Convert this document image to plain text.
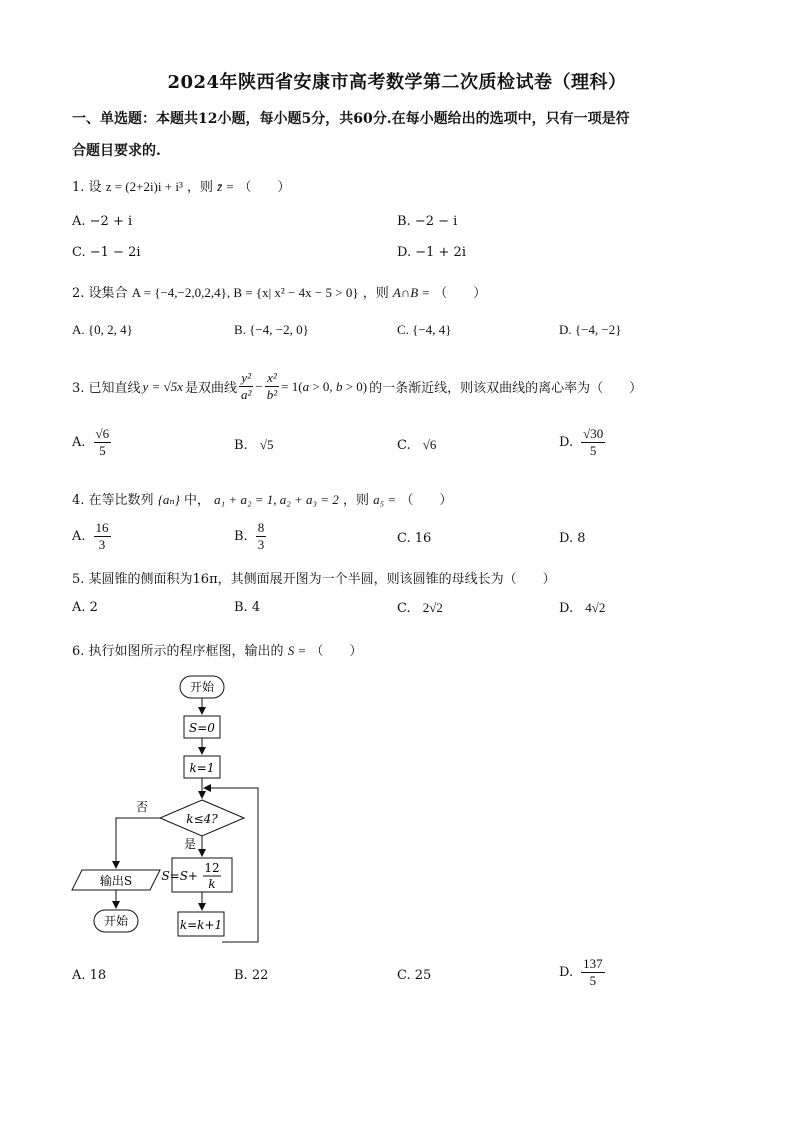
2024年陕西省安康市高考数学第二次质检试卷（理科）
一、单选题：本题共12小题，每小题5分，共60分.在每小题给出的选项中，只有一项是符
合题目要求的.
1. 设 z = (2+2i)i + i³ ，则 z̄ = （　　）
A. −2 + i	B. −2 − i
C. −1 − 2i	D. −1 + 2i
2. 设集合 A = {−4,−2,0,2,4}, B = {x| x² − 4x − 5 > 0} ，则 A∩B = （　　）
A. {0, 2, 4}	B. {−4, −2, 0}	C. {−4, 4}	D. {−4, −2}
3. 已知直线 y = √5x 是双曲线 $\frac{\text{y²}}{\text{a²}} - \frac{\text{x²}}{\text{b²}} = 1(a > 0$, b > 0) 的一条渐近线，则该双曲线的离心率为（　　）
A. $\frac{√6}{5}$	B. √5	C. √6	D. $\frac{√30}{5}$
4. 在等比数列 {aₙ} 中， a₁ + a₂ = 1, a₂ + a₃ = 2 ，则 a₅ = （　　）
A. $\frac{16}{3}$	B. $\frac{8}{3}$	C. 16	D. 8
5. 某圆锥的侧面积为16π，其侧面展开图为一个半圆，则该圆锥的母线长为（　　）
A. 2	B. 4	C. 2√2	D. 4√2
6. 执行如图所示的程序框图，输出的 S = （　　）
开始
S=0
k=1
k≤4?
否
是
S=S+
12
k
k=k+1
输出S
开始
A. 18	B. 22	C. 25	D. $\frac{137}{5}$
